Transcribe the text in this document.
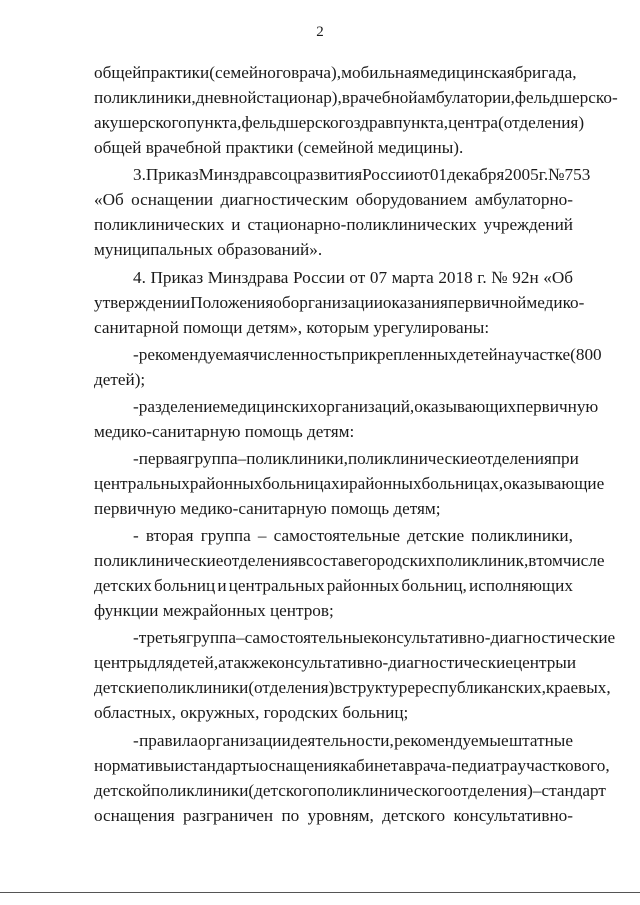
2
общей практики (семейного врача), мобильная медицинская бригада,
поликлиники, дневной стационар), врачебной амбулатории, фельдшерско-
акушерского пункта, фельдшерского здравпункта, центра (отделения)
общей врачебной практики (семейной медицины).
3. Приказ Минздравсоцразвития России от 01 декабря 2005 г. № 753
«Об оснащении диагностическим оборудованием амбулаторно-
поликлинических и стационарно-поликлинических учреждений
муниципальных образований».
4. Приказ Минздрава России от 07 марта 2018 г. № 92н «Об
утверждении Положения об организации оказания первичной медико-
санитарной помощи детям», которым урегулированы:
- рекомендуемая численность прикрепленных детей на участке (800
детей);
- разделение медицинских организаций, оказывающих первичную
медико-санитарную помощь детям:
- первая группа – поликлиники, поликлинические отделения при
центральных районных больницах и районных больницах, оказывающие
первичную медико-санитарную помощь детям;
- вторая группа – самостоятельные детские поликлиники,
поликлинические отделения в составе городских поликлиник, в том числе
детских больниц и центральных районных больниц, исполняющих
функции межрайонных центров;
- третья группа – самостоятельные консультативно-диагностические
центры для детей, а также консультативно- диагностические центры и
детские поликлиники (отделения) в структуре республиканских, краевых,
областных, окружных, городских больниц;
- правила организации деятельности, рекомендуемые штатные
нормативы и стандарты оснащения кабинета врача- педиатра участкового,
детской поликлиники (детского поликлинического отделения) – стандарт
оснащения разграничен по уровням, детского консультативно-
